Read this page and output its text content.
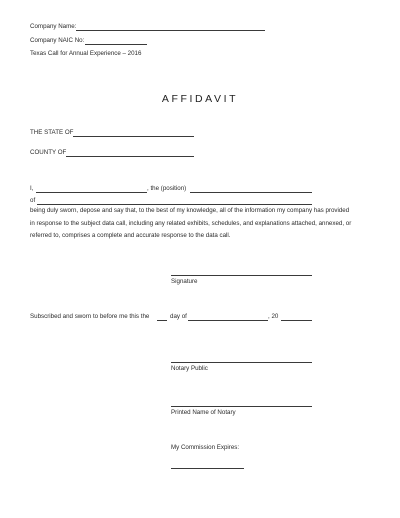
Company Name:
Company NAIC No:
Texas Call for Annual Experience – 2016
AFFIDAVIT
THE STATE OF
COUNTY OF
I,	, the (position)
of
being duly sworn, depose and say that, to the best of my knowledge, all of the information my company has provided
in response to the subject data call, including any related exhibits, schedules, and explanations attached, annexed, or
referred to, comprises a complete and accurate response to the data call.
Signature
Subscribed and sworn to before me this the	day of	, 20
Notary Public
Printed Name of Notary
My Commission Expires:
